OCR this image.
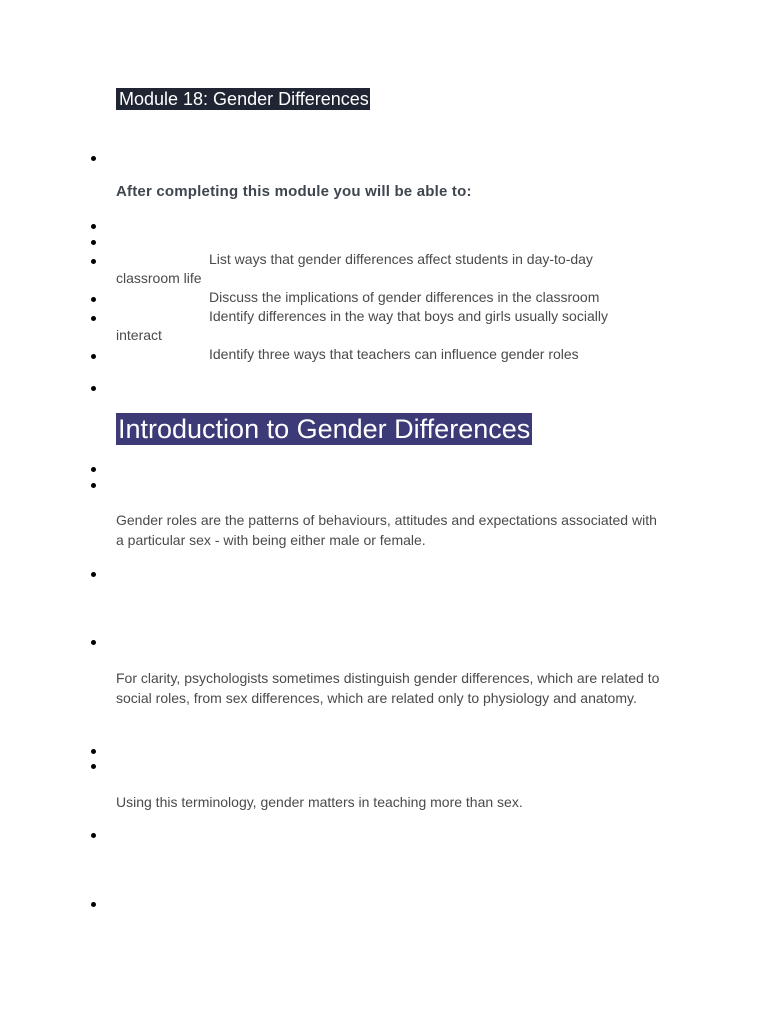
Module 18: Gender Differences
After completing this module you will be able to:
List ways that gender differences affect students in day-to-day classroom life
Discuss the implications of gender differences in the classroom
Identify differences in the way that boys and girls usually socially interact
Identify three ways that teachers can influence gender roles
Introduction to Gender Differences
Gender roles are the patterns of behaviours, attitudes and expectations associated with a particular sex - with being either male or female.
For clarity, psychologists sometimes distinguish gender differences, which are related to social roles, from sex differences, which are related only to physiology and anatomy.
Using this terminology, gender matters in teaching more than sex.
